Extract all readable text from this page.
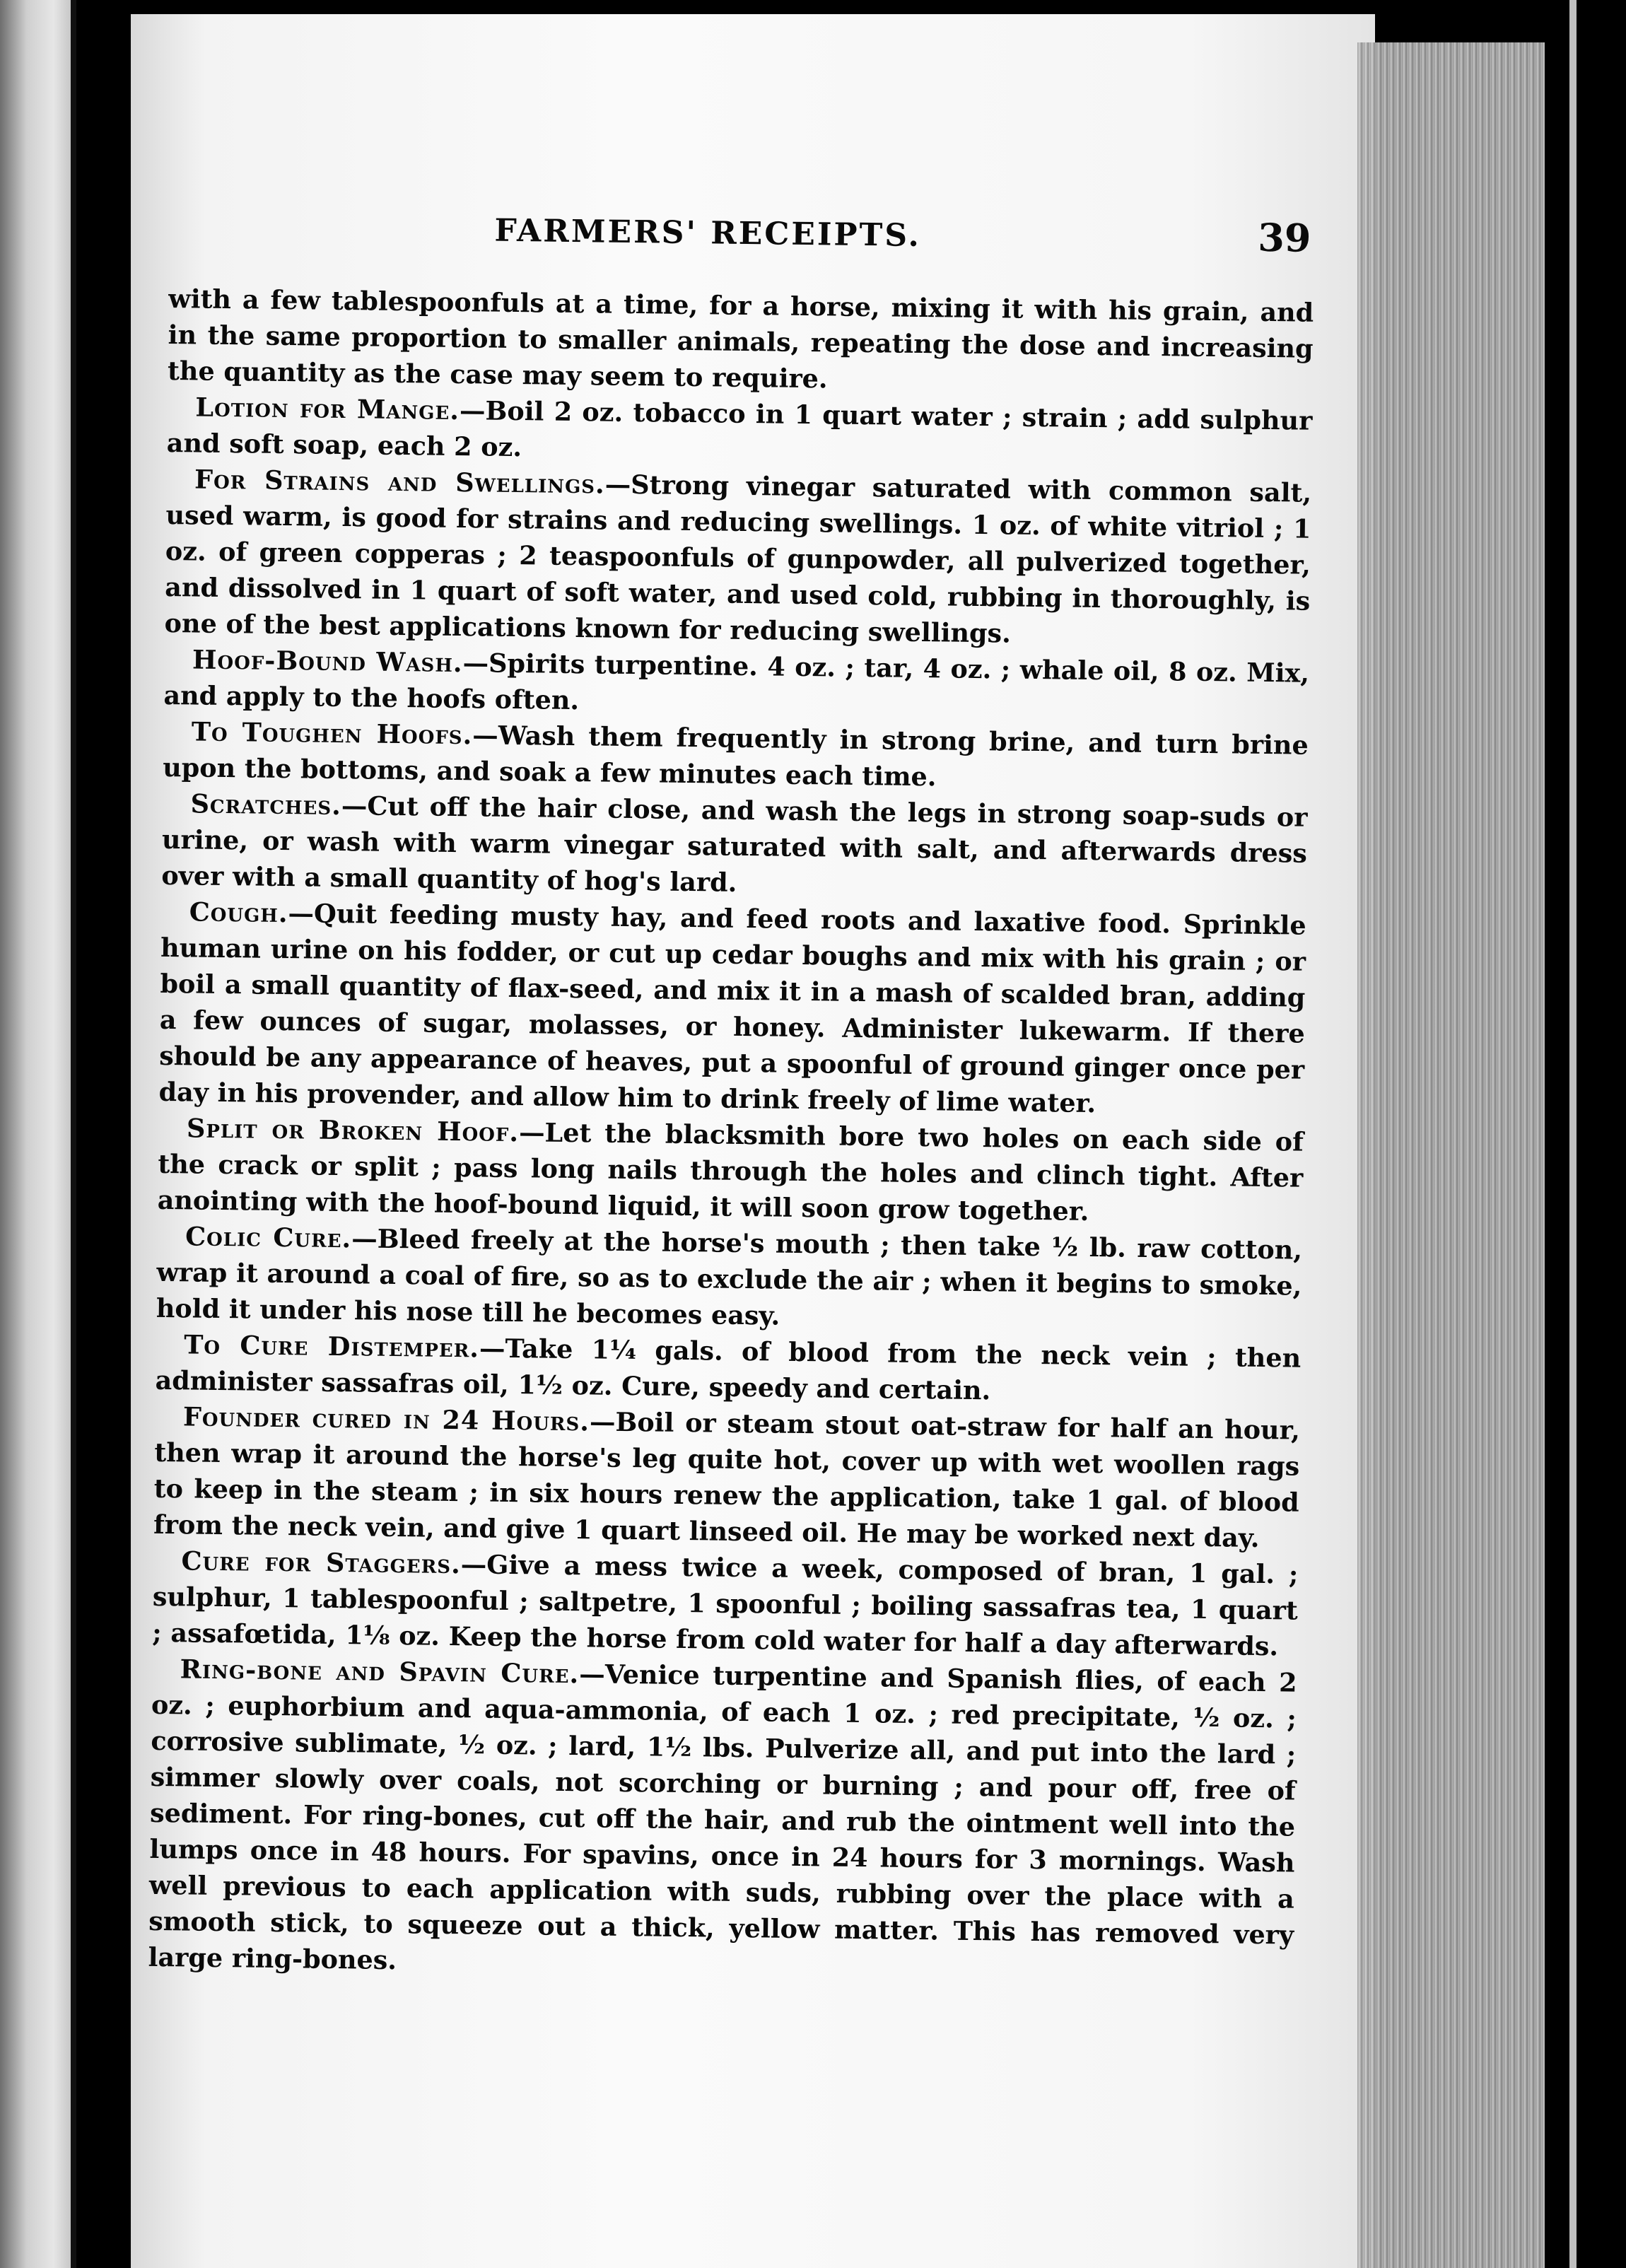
FARMERS' RECEIPTS.	39

with a few tablespoonfuls at a time, for a horse, mixing it with his grain, and in the same proportion to smaller animals, repeating the dose and increasing the quantity as the case may seem to require.

Lotion for Mange.—Boil 2 oz. tobacco in 1 quart water ; strain ; add sulphur and soft soap, each 2 oz.

For Strains and Swellings.—Strong vinegar saturated with common salt, used warm, is good for strains and reducing swellings. 1 oz. of white vitriol ; 1 oz. of green copperas ; 2 teaspoonfuls of gunpowder, all pulverized together, and dissolved in 1 quart of soft water, and used cold, rubbing in thoroughly, is one of the best applications known for reducing swellings.

Hoof-Bound Wash.—Spirits turpentine. 4 oz. ; tar, 4 oz. ; whale oil, 8 oz. Mix, and apply to the hoofs often.

To Toughen Hoofs.—Wash them frequently in strong brine, and turn brine upon the bottoms, and soak a few minutes each time.

Scratches.—Cut off the hair close, and wash the legs in strong soap-suds or urine, or wash with warm vinegar saturated with salt, and afterwards dress over with a small quantity of hog's lard.

Cough.—Quit feeding musty hay, and feed roots and laxative food. Sprinkle human urine on his fodder, or cut up cedar boughs and mix with his grain ; or boil a small quantity of flax-seed, and mix it in a mash of scalded bran, adding a few ounces of sugar, molasses, or honey. Administer lukewarm. If there should be any appearance of heaves, put a spoonful of ground ginger once per day in his provender, and allow him to drink freely of lime water.

Split or Broken Hoof.—Let the blacksmith bore two holes on each side of the crack or split ; pass long nails through the holes and clinch tight. After anointing with the hoof-bound liquid, it will soon grow together.

Colic Cure.—Bleed freely at the horse's mouth ; then take ½ lb. raw cotton, wrap it around a coal of fire, so as to exclude the air ; when it begins to smoke, hold it under his nose till he becomes easy.

To Cure Distemper.—Take 1¼ gals. of blood from the neck vein ; then administer sassafras oil, 1½ oz. Cure, speedy and certain.

Founder cured in 24 Hours.—Boil or steam stout oat-straw for half an hour, then wrap it around the horse's leg quite hot, cover up with wet woollen rags to keep in the steam ; in six hours renew the application, take 1 gal. of blood from the neck vein, and give 1 quart linseed oil. He may be worked next day.

Cure for Staggers.—Give a mess twice a week, composed of bran, 1 gal. ; sulphur, 1 tablespoonful ; saltpetre, 1 spoonful ; boiling sassafras tea, 1 quart ; assafœtida, 1⅛ oz. Keep the horse from cold water for half a day afterwards.

Ring-bone and Spavin Cure.—Venice turpentine and Spanish flies, of each 2 oz. ; euphorbium and aqua-ammonia, of each 1 oz. ; red precipitate, ½ oz. ; corrosive sublimate, ½ oz. ; lard, 1½ lbs. Pulverize all, and put into the lard ; simmer slowly over coals, not scorching or burning ; and pour off, free of sediment. For ring-bones, cut off the hair, and rub the ointment well into the lumps once in 48 hours. For spavins, once in 24 hours for 3 mornings. Wash well previous to each application with suds, rubbing over the place with a smooth stick, to squeeze out a thick, yellow matter. This has removed very large ring-bones.
